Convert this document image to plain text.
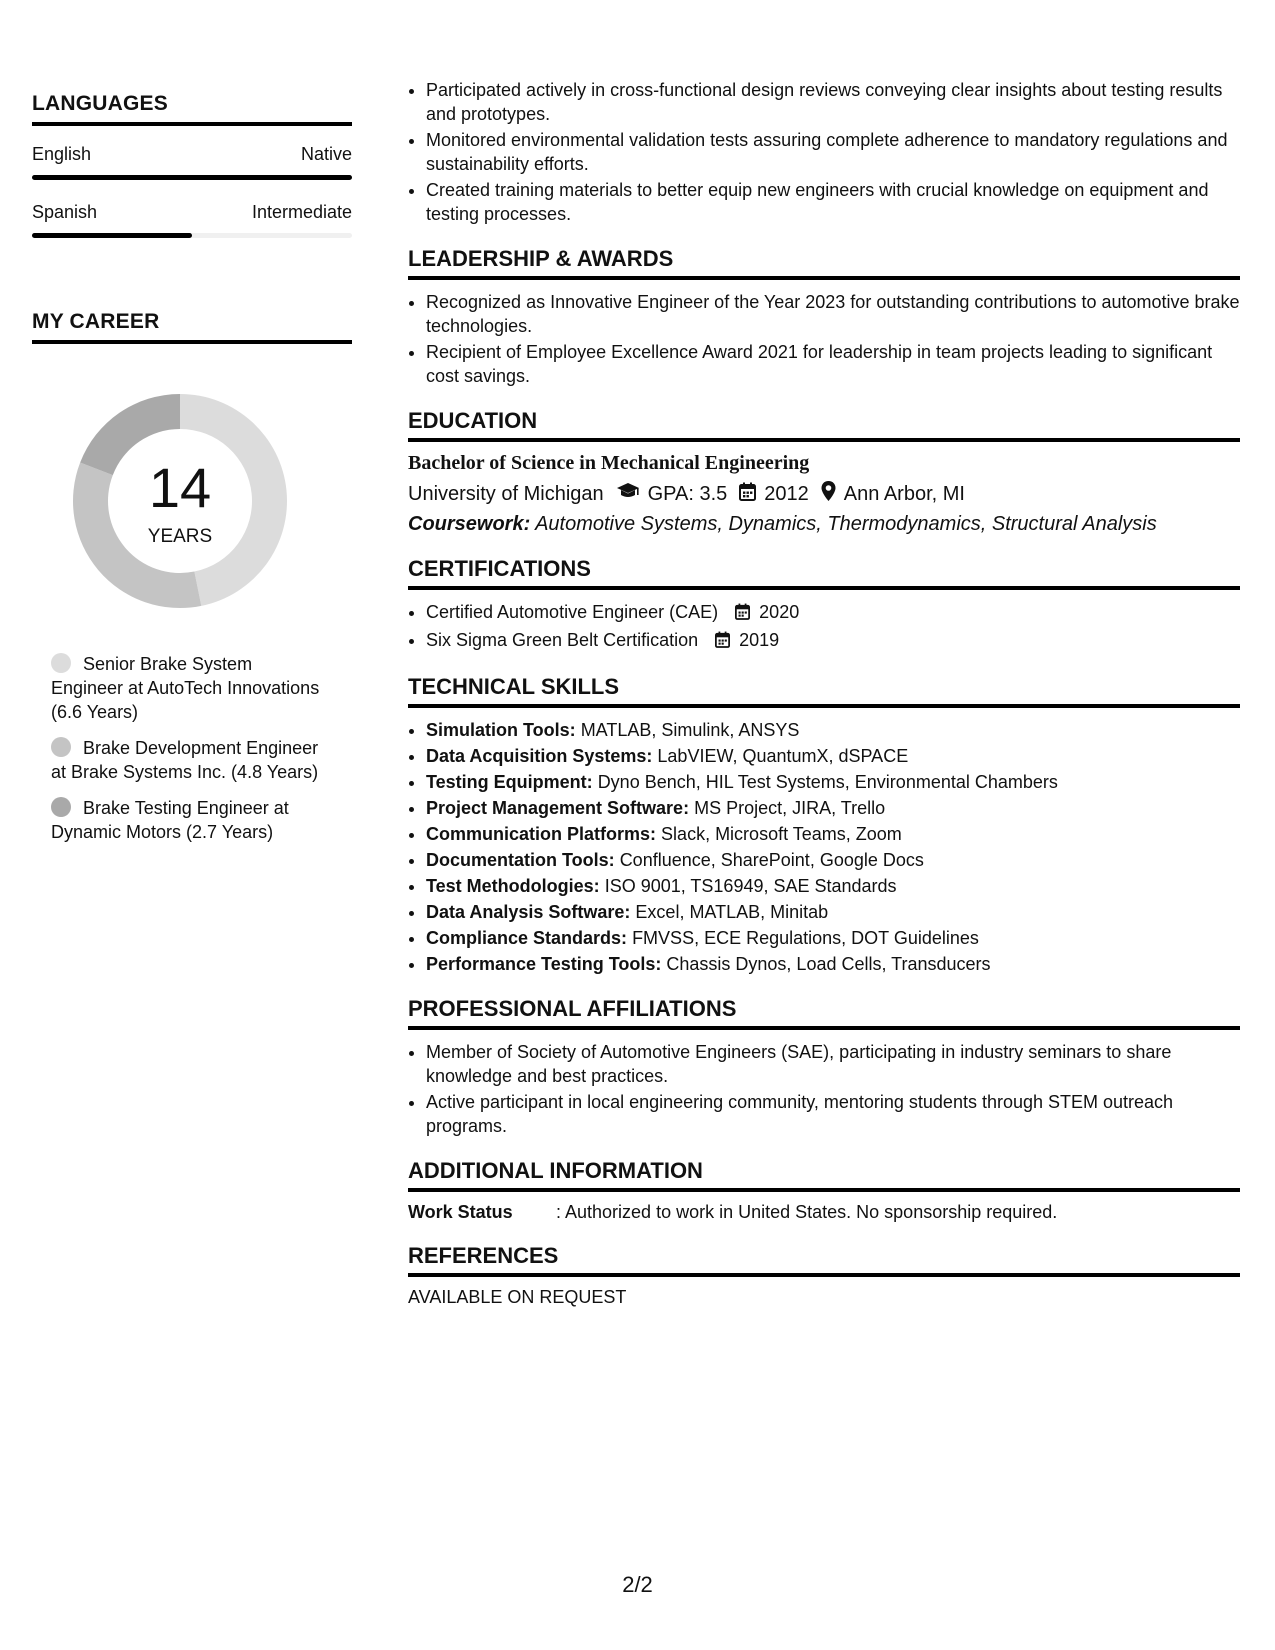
LANGUAGES
English	Native
Spanish	Intermediate
MY CAREER
14
YEARS
Senior Brake System Engineer at AutoTech Innovations (6.6 Years)
Brake Development Engineer at Brake Systems Inc. (4.8 Years)
Brake Testing Engineer at Dynamic Motors (2.7 Years)
• Participated actively in cross-functional design reviews conveying clear insights about testing results and prototypes.
• Monitored environmental validation tests assuring complete adherence to mandatory regulations and sustainability efforts.
• Created training materials to better equip new engineers with crucial knowledge on equipment and testing processes.
LEADERSHIP & AWARDS
• Recognized as Innovative Engineer of the Year 2023 for outstanding contributions to automotive brake technologies.
• Recipient of Employee Excellence Award 2021 for leadership in team projects leading to significant cost savings.
EDUCATION
Bachelor of Science in Mechanical Engineering
University of Michigan GPA: 3.5 2012 Ann Arbor, MI
Coursework: Automotive Systems, Dynamics, Thermodynamics, Structural Analysis
CERTIFICATIONS
• Certified Automotive Engineer (CAE) 2020
• Six Sigma Green Belt Certification 2019
TECHNICAL SKILLS
• Simulation Tools: MATLAB, Simulink, ANSYS
• Data Acquisition Systems: LabVIEW, QuantumX, dSPACE
• Testing Equipment: Dyno Bench, HIL Test Systems, Environmental Chambers
• Project Management Software: MS Project, JIRA, Trello
• Communication Platforms: Slack, Microsoft Teams, Zoom
• Documentation Tools: Confluence, SharePoint, Google Docs
• Test Methodologies: ISO 9001, TS16949, SAE Standards
• Data Analysis Software: Excel, MATLAB, Minitab
• Compliance Standards: FMVSS, ECE Regulations, DOT Guidelines
• Performance Testing Tools: Chassis Dynos, Load Cells, Transducers
PROFESSIONAL AFFILIATIONS
• Member of Society of Automotive Engineers (SAE), participating in industry seminars to share knowledge and best practices.
• Active participant in local engineering community, mentoring students through STEM outreach programs.
ADDITIONAL INFORMATION
Work Status	: Authorized to work in United States. No sponsorship required.
REFERENCES
AVAILABLE ON REQUEST
2/2
